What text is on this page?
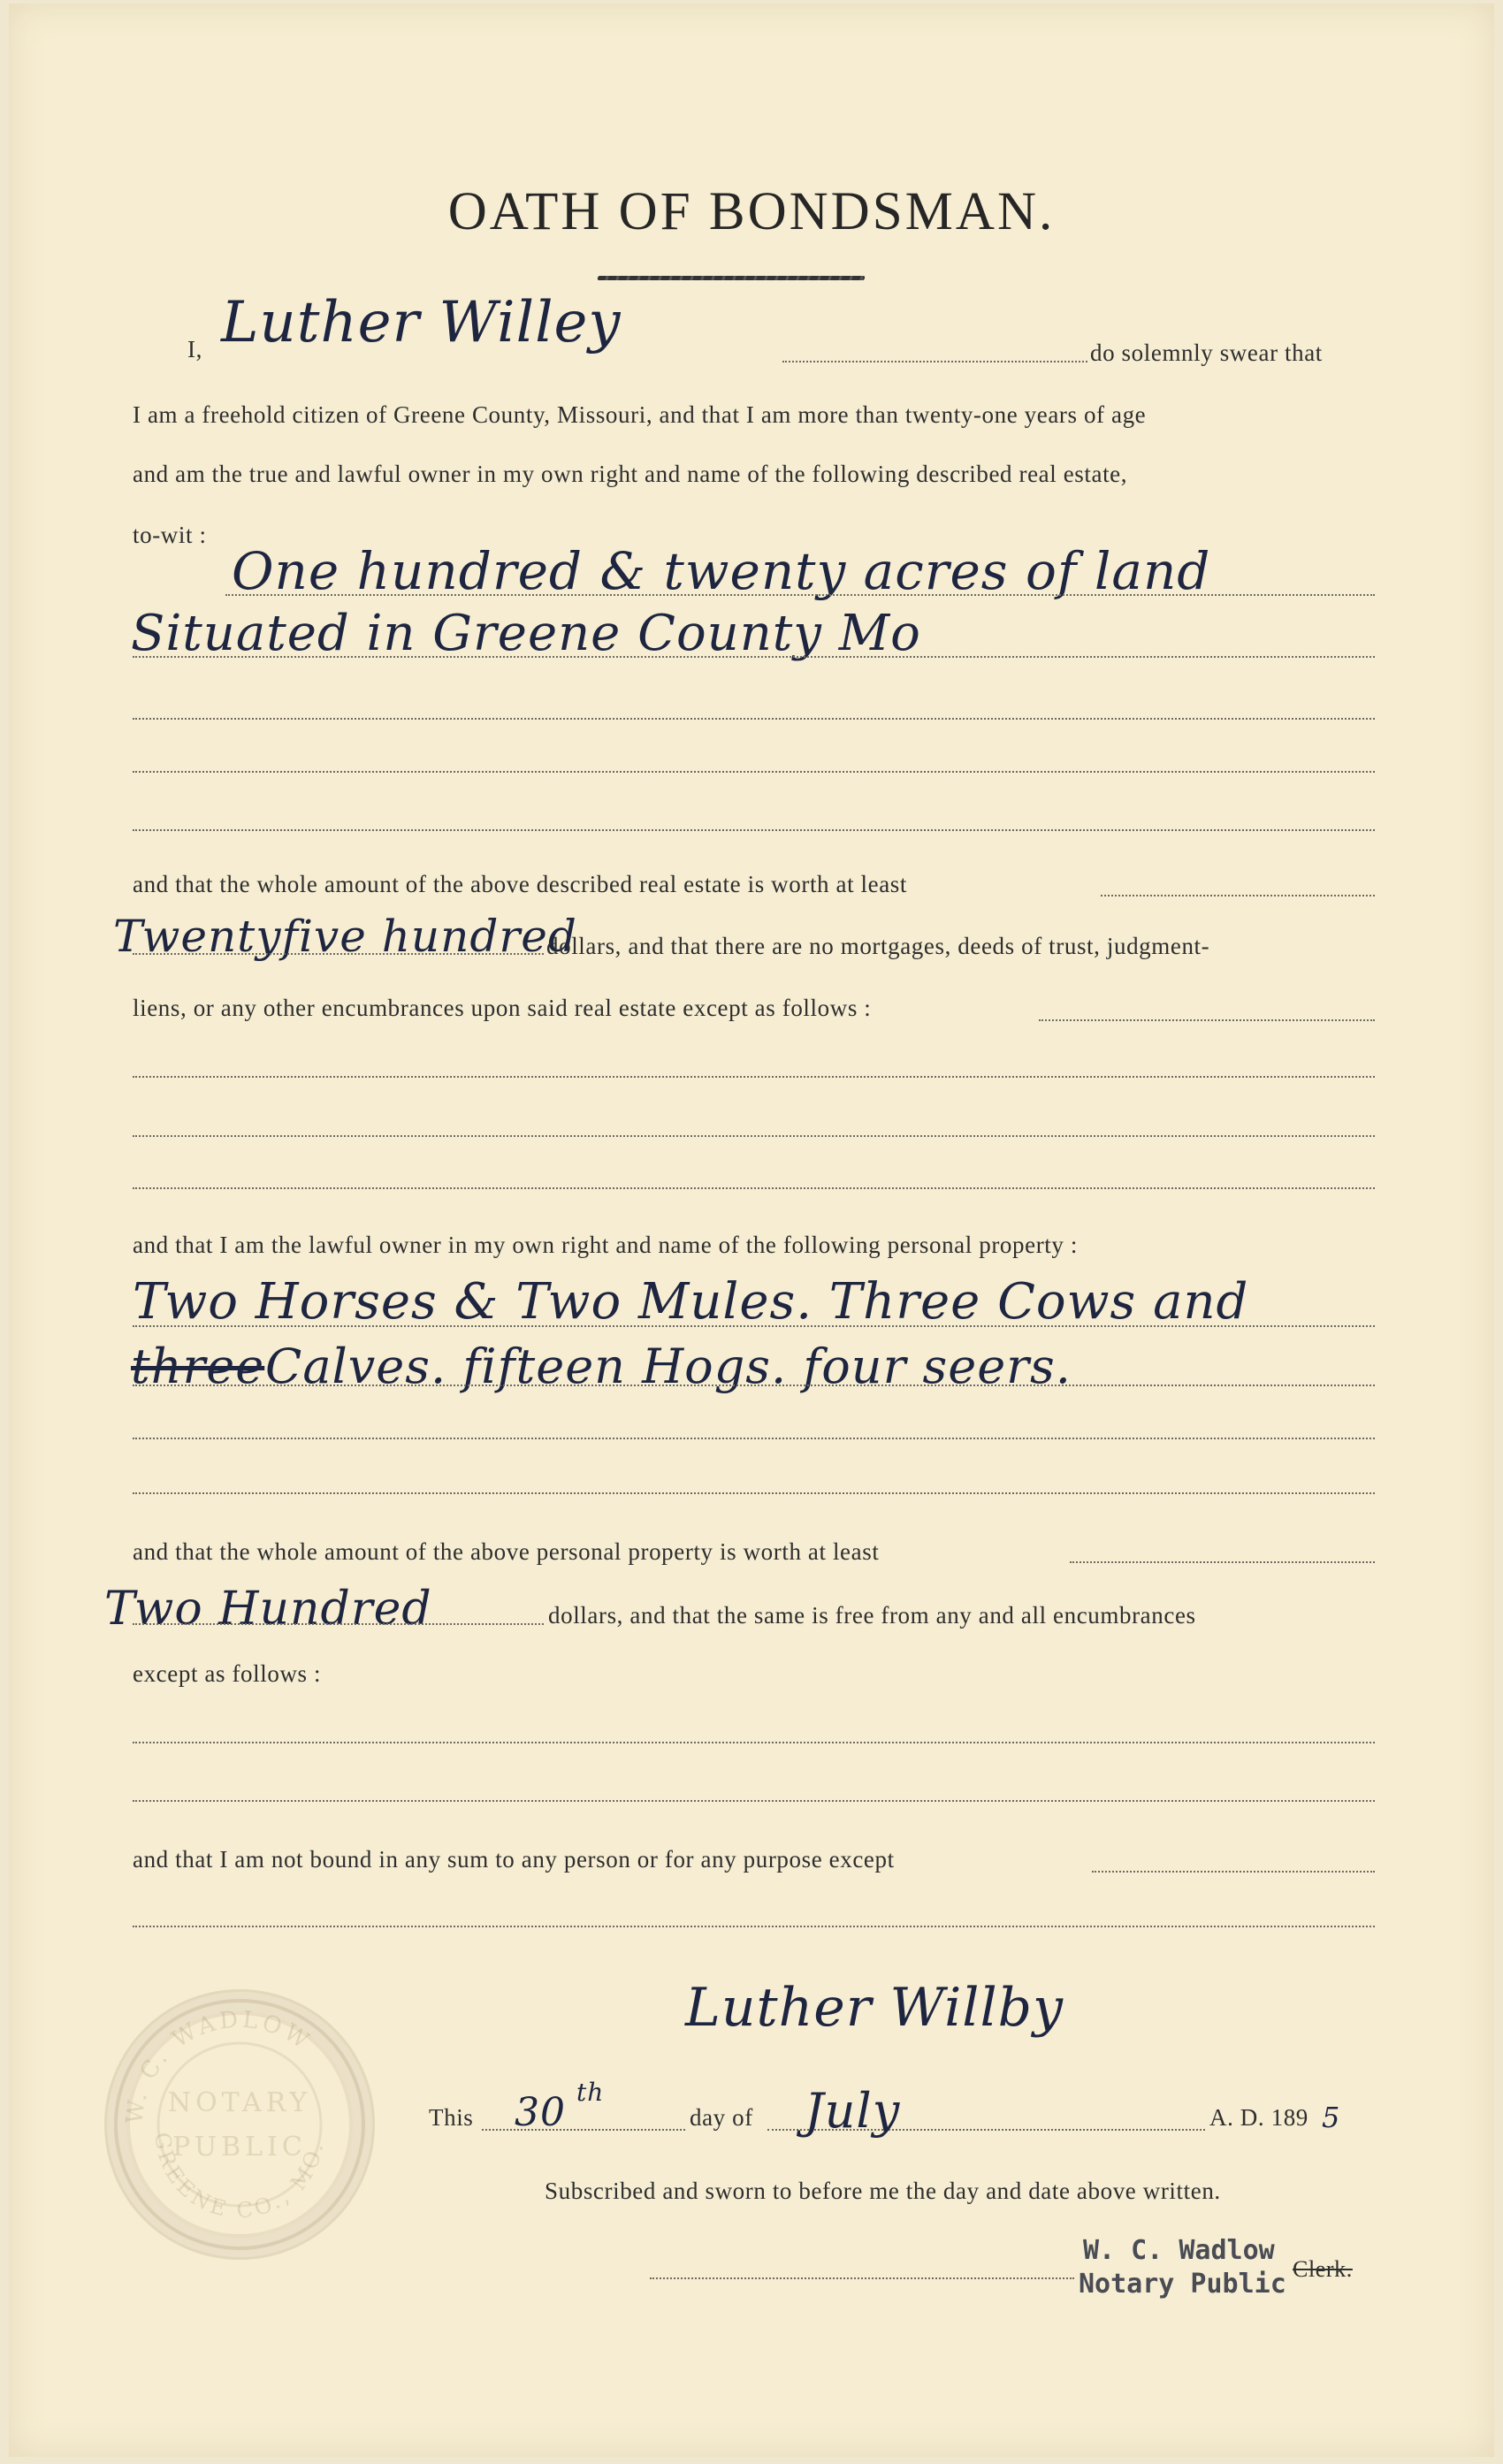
OATH OF BONDSMAN.
I, Luther Willey	do solemnly swear that
I am a freehold citizen of Greene County, Missouri, and that I am more than twenty-one years of age
and am the true and lawful owner in my own right and name of the following described real estate,
to-wit :
One hundred & twenty acres of land
Situated in Greene County Mo
and that the whole amount of the above described real estate is worth at least
Twentyfive hundred
dollars, and that there are no mortgages, deeds of trust, judgment-
liens, or any other encumbrances upon said real estate except as follows :
and that I am the lawful owner in my own right and name of the following personal property :
Two Horses & Two Mules. Three Cows and
three Calves. fifteen Hogs. four seers.
and that the whole amount of the above personal property is worth at least
Two Hundred	dollars, and that the same is free from any and all encumbrances
except as follows :
and that I am not bound in any sum to any person or for any purpose except
W. C. WADLOW
GREENE CO., MO.
NOTARY
PUBLIC
Luther Willby
This 30 th
day of July	A. D. 189 5
Subscribed and sworn to before me the day and date above written.
W. C. Wadlow
Notary Public Clerk.
